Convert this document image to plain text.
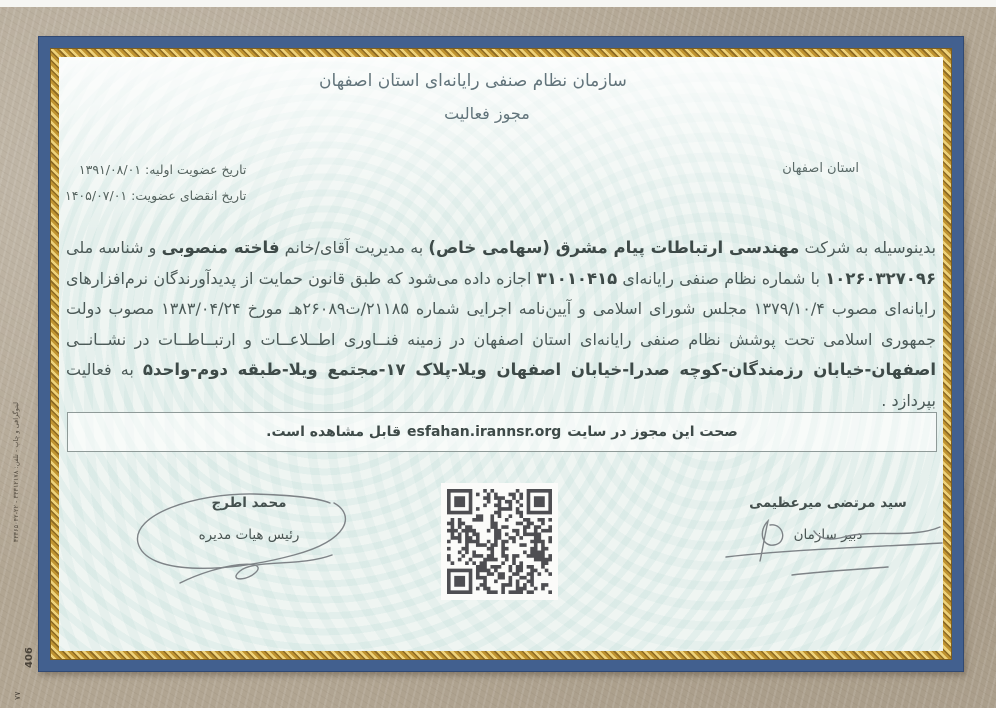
سازمان نظام صنفی رایانه‌ای استان اصفهان
مجوز فعالیت
استان اصفهان
تاریخ عضویت اولیه: ۱۳۹۱/۰۸/۰۱
تاریخ انقضای عضویت: ۱۴۰۵/۰۷/۰۱
بدینوسیله به شرکت مهندسی ارتباطات پیام مشرق (سهامی خاص) به مدیریت آقای/خانم فاخته منصوبی و شناسه ملی ۱۰۲۶۰۳۲۷۰۹۶ با شماره نظام صنفی رایانه‌ای ۳۱۰۱۰۴۱۵ اجازه داده می‌شود که طبق قانون حمایت از پدیدآورندگان نرم‌افزارهای رایانه‌ای مصوب ۱۳۷۹/۱۰/۴ مجلس شورای اسلامی و آیین‌نامه اجرایی شماره ۲۱۱۸۵/ت۲۶۰۸۹هـ مورخ ۱۳۸۳/۰۴/۲۴ مصوب دولت جمهوری اسلامی تحت پوشش نظام صنفی رایانه‌ای استان اصفهان در زمینه فنــاوری اطــلاعــات و ارتبــاطــات در نشــانــی اصفهان-خیابان رزمندگان-کوچه صدرا-خیابان اصفهان ویلا-پلاک ۱۷-مجتمع ویلا-طبقه دوم-واحد۵ به فعالیت بپردازد .
صحت این مجوز در سایت
esfahan.irannsr.org
قابل مشاهده است.
محمد اطرج
رئیس هیات مدیره
سید مرتضی میرعظیمی
دبیر سازمان
لیتوگرافی و چاپ - تلفن: ۳۳۳۱۲۱۷۸ - ۲۲-۳۳۳۶۵۰۴۲
406
۷۷
